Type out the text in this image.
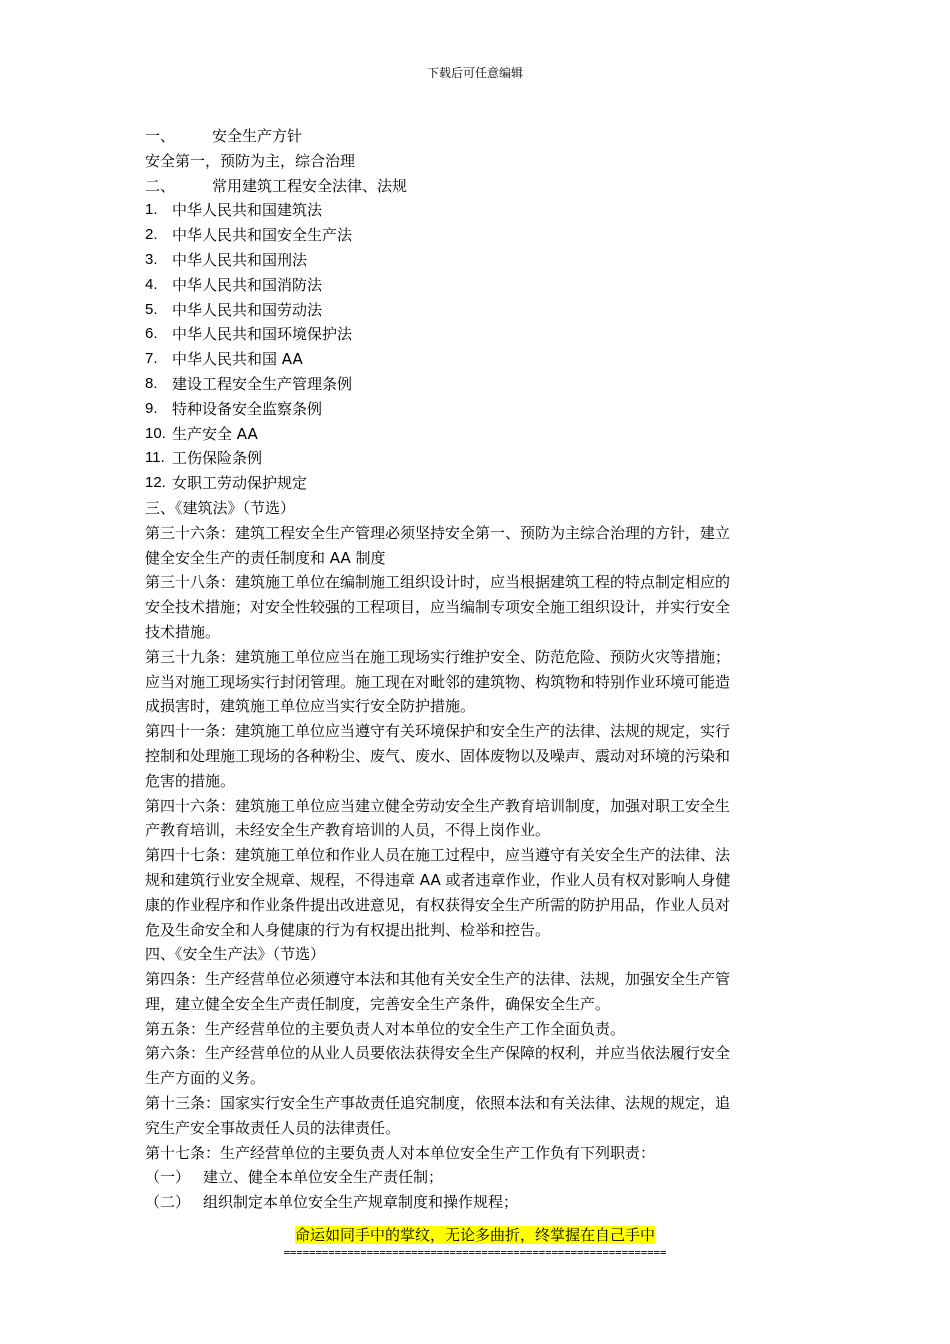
下载后可任意编辑
一、	安全生产方针
安全第一，预防为主，综合治理
二、	常用建筑工程安全法律、法规
1. 中华人民共和国建筑法
2. 中华人民共和国安全生产法
3. 中华人民共和国刑法
4. 中华人民共和国消防法
5. 中华人民共和国劳动法
6. 中华人民共和国环境保护法
7. 中华人民共和国 AA
8. 建设工程安全生产管理条例
9. 特种设备安全监察条例
10. 生产安全 AA
11. 工伤保险条例
12. 女职工劳动保护规定
三、《建筑法》（节选）
第三十六条：建筑工程安全生产管理必须坚持安全第一、预防为主综合治理的方针，建立
健全安全生产的责任制度和 AA 制度
第三十八条：建筑施工单位在编制施工组织设计时，应当根据建筑工程的特点制定相应的
安全技术措施；对安全性较强的工程项目，应当编制专项安全施工组织设计，并实行安全
技术措施。
第三十九条：建筑施工单位应当在施工现场实行维护安全、防范危险、预防火灾等措施；
应当对施工现场实行封闭管理。施工现在对毗邻的建筑物、构筑物和特别作业环境可能造
成损害时，建筑施工单位应当实行安全防护措施。
第四十一条：建筑施工单位应当遵守有关环境保护和安全生产的法律、法规的规定，实行
控制和处理施工现场的各种粉尘、废气、废水、固体废物以及噪声、震动对环境的污染和
危害的措施。
第四十六条：建筑施工单位应当建立健全劳动安全生产教育培训制度，加强对职工安全生
产教育培训，未经安全生产教育培训的人员，不得上岗作业。
第四十七条：建筑施工单位和作业人员在施工过程中，应当遵守有关安全生产的法律、法
规和建筑行业安全规章、规程，不得违章 AA 或者违章作业，作业人员有权对影响人身健
康的作业程序和作业条件提出改进意见，有权获得安全生产所需的防护用品，作业人员对
危及生命安全和人身健康的行为有权提出批判、检举和控告。
四、《安全生产法》（节选）
第四条：生产经营单位必须遵守本法和其他有关安全生产的法律、法规，加强安全生产管
理，建立健全安全生产责任制度，完善安全生产条件，确保安全生产。
第五条：生产经营单位的主要负责人对本单位的安全生产工作全面负责。
第六条：生产经营单位的从业人员要依法获得安全生产保障的权利，并应当依法履行安全
生产方面的义务。
第十三条：国家实行安全生产事故责任追究制度，依照本法和有关法律、法规的规定，追
究生产安全事故责任人员的法律责任。
第十七条：生产经营单位的主要负责人对本单位安全生产工作负有下列职责：
（一） 建立、健全本单位安全生产责任制；
（二） 组织制定本单位安全生产规章制度和操作规程；
命运如同手中的掌纹，无论多曲折，终掌握在自己手中
============================================================
